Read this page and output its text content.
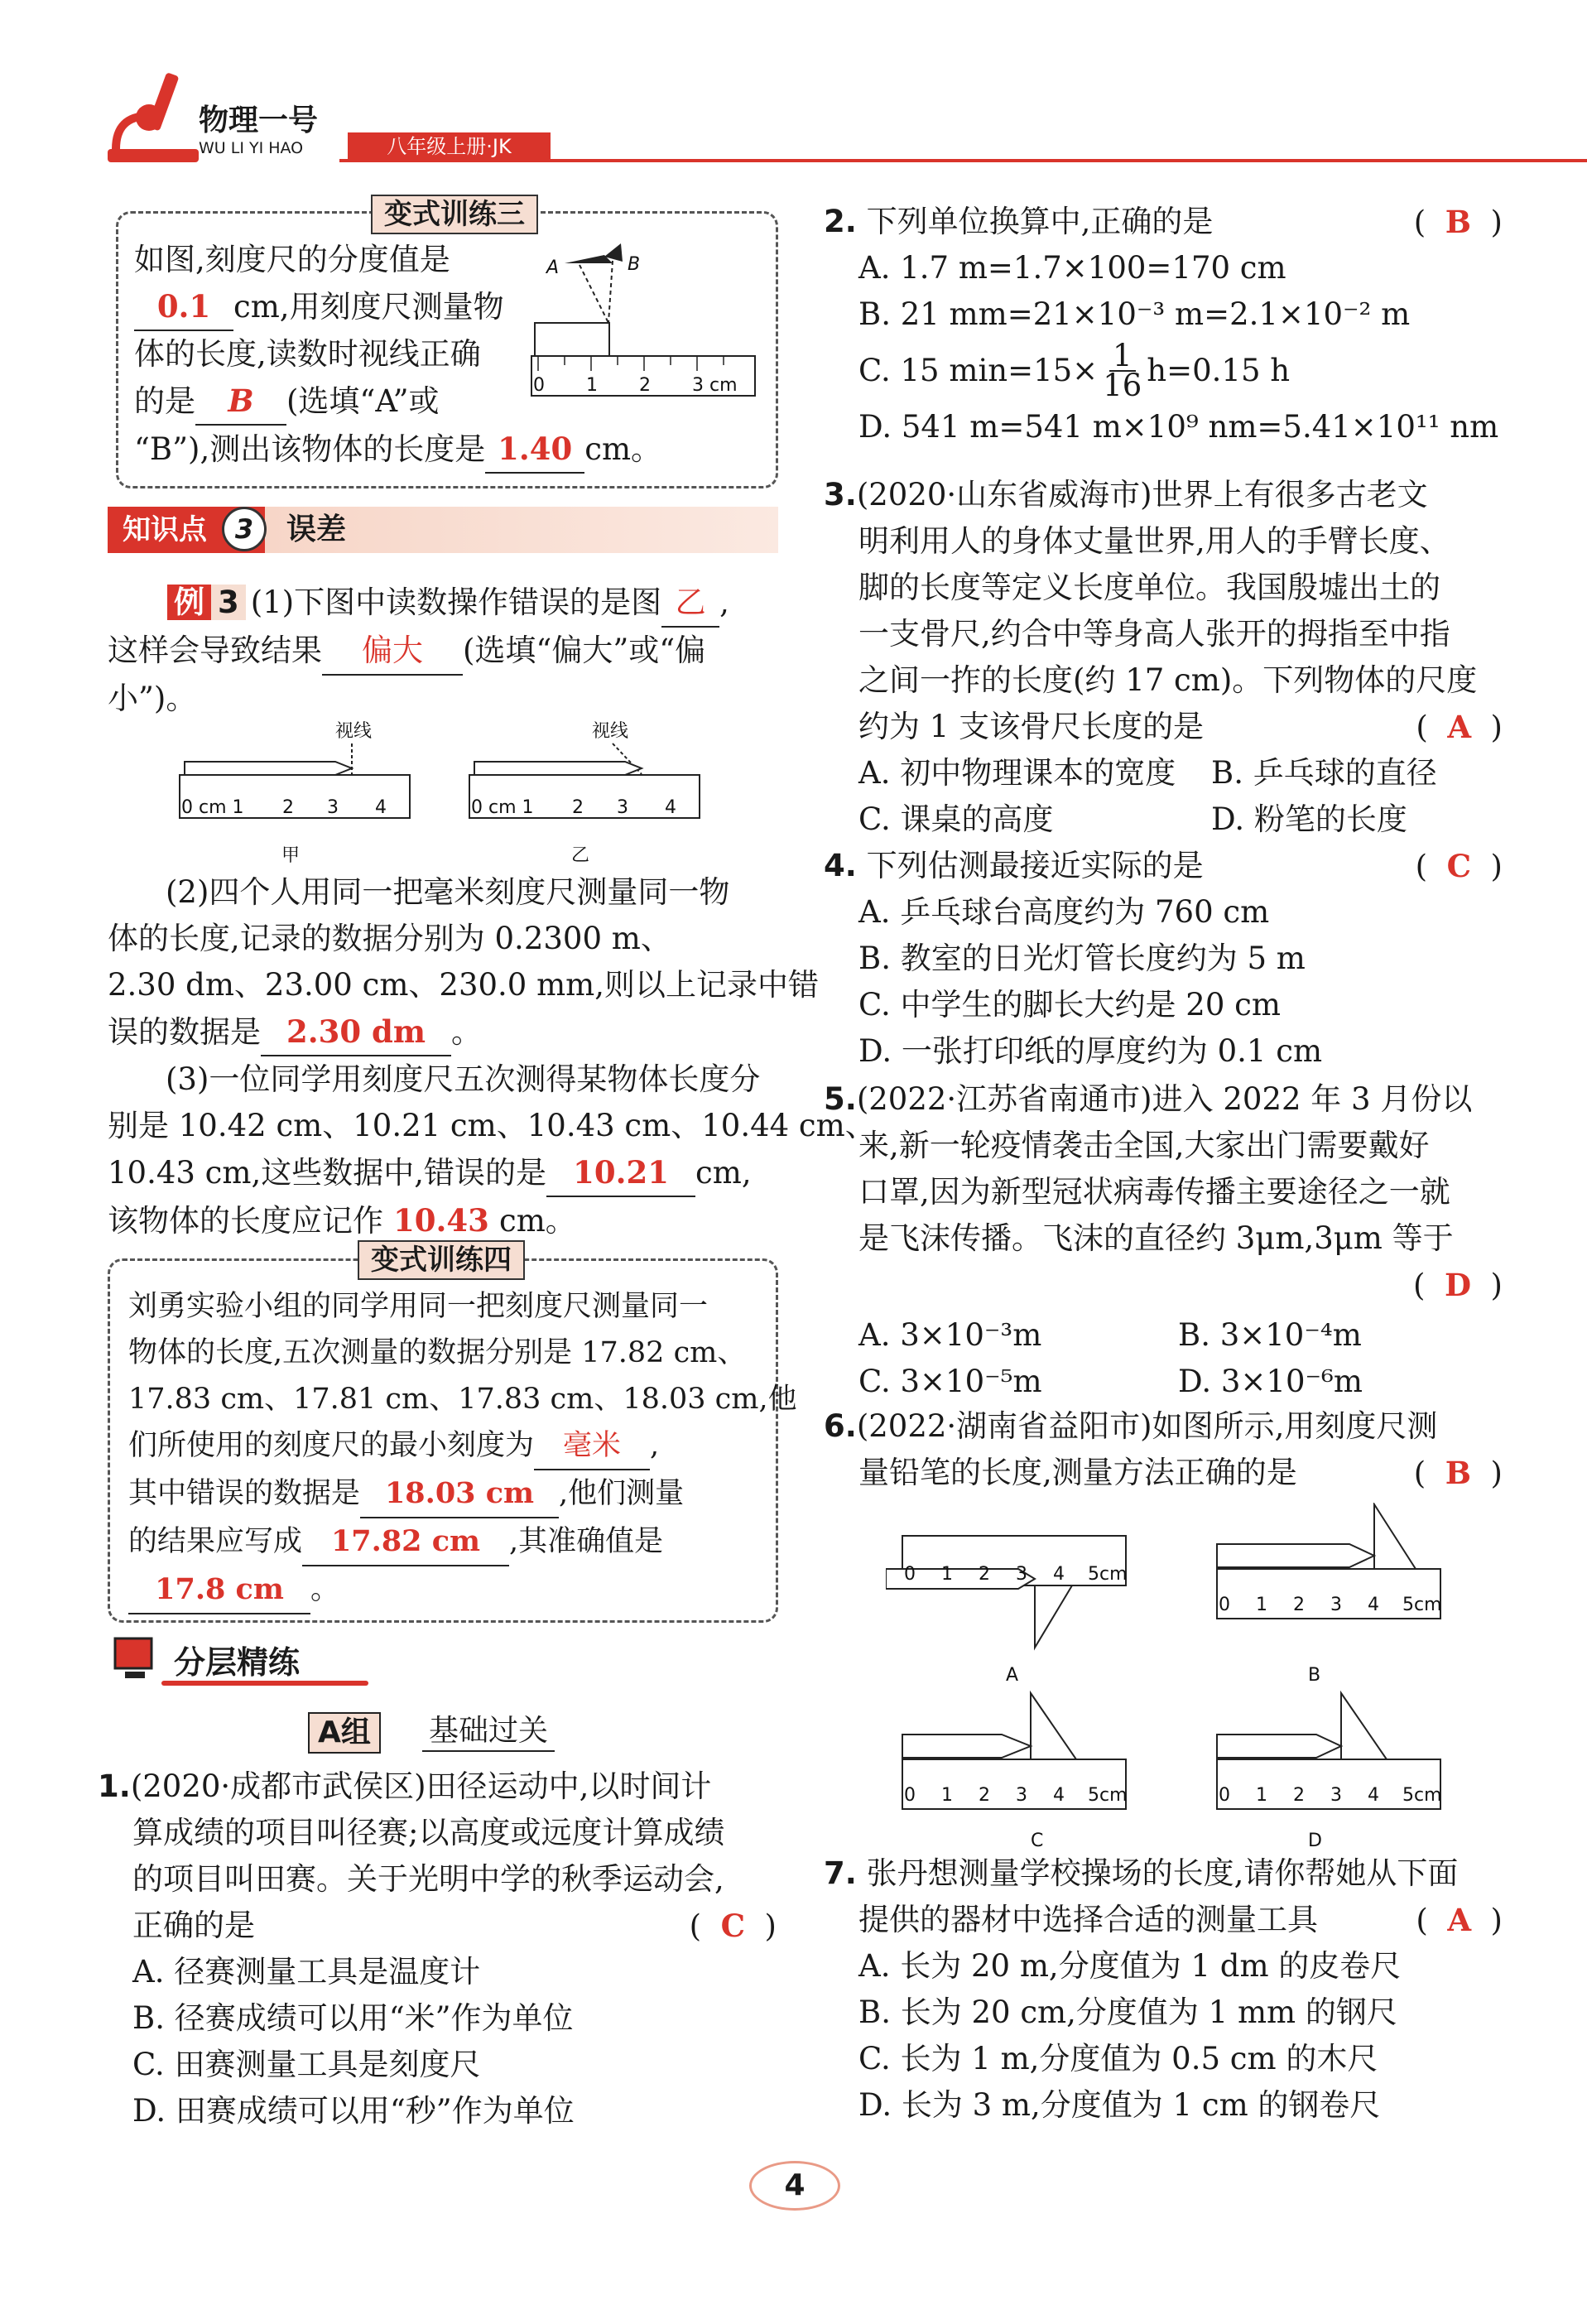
物理一号
WU LI YI HAO	八年级上册·JK
变式训练三
如图,刻度尺的分度值是
0.1 cm,用刻度尺测量物
体的长度,读数时视线正确
的是 B (选填“A”或
“B”),测出该物体的长度是 1.40 cm。
A	B
0 1 2 3 cm
知识点	3	误差
例 3 (1)下图中读数操作错误的是图 乙 ,
这样会导致结果 偏大 (选填“偏大”或“偏
小”)。
视线
0 cm 1 2 3 4
甲
视线
0 cm 1 2 3 4
乙
(2)四个人用同一把毫米刻度尺测量同一物
体的长度,记录的数据分别为 0.2300 m、
2.30 dm、23.00 cm、230.0 mm,则以上记录中错
误的数据是 2.30 dm 。
(3)一位同学用刻度尺五次测得某物体长度分
别是 10.42 cm、10.21 cm、10.43 cm、10.44 cm、
10.43 cm,这些数据中,错误的是 10.21 cm,
该物体的长度应记作 10.43 cm。
变式训练四
刘勇实验小组的同学用同一把刻度尺测量同一
物体的长度,五次测量的数据分别是 17.82 cm、
17.83 cm、17.81 cm、17.83 cm、18.03 cm,他
们所使用的刻度尺的最小刻度为 毫米 ,
其中错误的数据是 18.03 cm ,他们测量
的结果应写成 17.82 cm ,其准确值是
17.8 cm 。
分层精练
A组	基础过关
1.(2020·成都市武侯区)田径运动中,以时间计
算成绩的项目叫径赛;以高度或远度计算成绩
的项目叫田赛。关于光明中学的秋季运动会,
正确的是	(  C  )
A. 径赛测量工具是温度计
B. 径赛成绩可以用“米”作为单位
C. 田赛测量工具是刻度尺
D. 田赛成绩可以用“秒”作为单位
2. 下列单位换算中,正确的是	(  B  )
A. 1.7 m=1.7×100=170 cm
B. 21 mm=21×10⁻³ m=2.1×10⁻² m
C. 15 $\min=15\times \frac{1}{16} h=0.15$ h
D. 541 m=541 m×10⁹ nm=5.41×10¹¹ nm
3.(2020·山东省威海市)世界上有很多古老文
明利用人的身体丈量世界,用人的手臂长度、
脚的长度等定义长度单位。我国殷墟出土的
一支骨尺,约合中等身高人张开的拇指至中指
之间一拃的长度(约 17 cm)。下列物体的尺度
约为 1 支该骨尺长度的是	(  A  )
A. 初中物理课本的宽度 B. 乒乓球的直径
C. 课桌的高度	D. 粉笔的长度
4. 下列估测最接近实际的是	(  C  )
A. 乒乓球台高度约为 760 cm
B. 教室的日光灯管长度约为 5 m
C. 中学生的脚长大约是 20 cm
D. 一张打印纸的厚度约为 0.1 cm
5.(2022·江苏省南通市)进入 2022 年 3 月份以
来,新一轮疫情袭击全国,大家出门需要戴好
口罩,因为新型冠状病毒传播主要途径之一就
是飞沫传播。飞沫的直径约 3μm,3μm 等于
(  D  )
A. 3×10⁻³m	B. 3×10⁻⁴m
C. 3×10⁻⁵m	D. 3×10⁻⁶m
6.(2022·湖南省益阳市)如图所示,用刻度尺测
量铅笔的长度,测量方法正确的是	(  B  )
0 1 2 3 4 5cm
A
0 1 2 3 4 5cm
B
0 1 2 3 4 5cm
C
0 1 2 3 4 5cm
D
7. 张丹想测量学校操场的长度,请你帮她从下面
提供的器材中选择合适的测量工具	(  A  )
A. 长为 20 m,分度值为 1 dm 的皮卷尺
B. 长为 20 cm,分度值为 1 mm 的钢尺
C. 长为 1 m,分度值为 0.5 cm 的木尺
D. 长为 3 m,分度值为 1 cm 的钢卷尺
4
